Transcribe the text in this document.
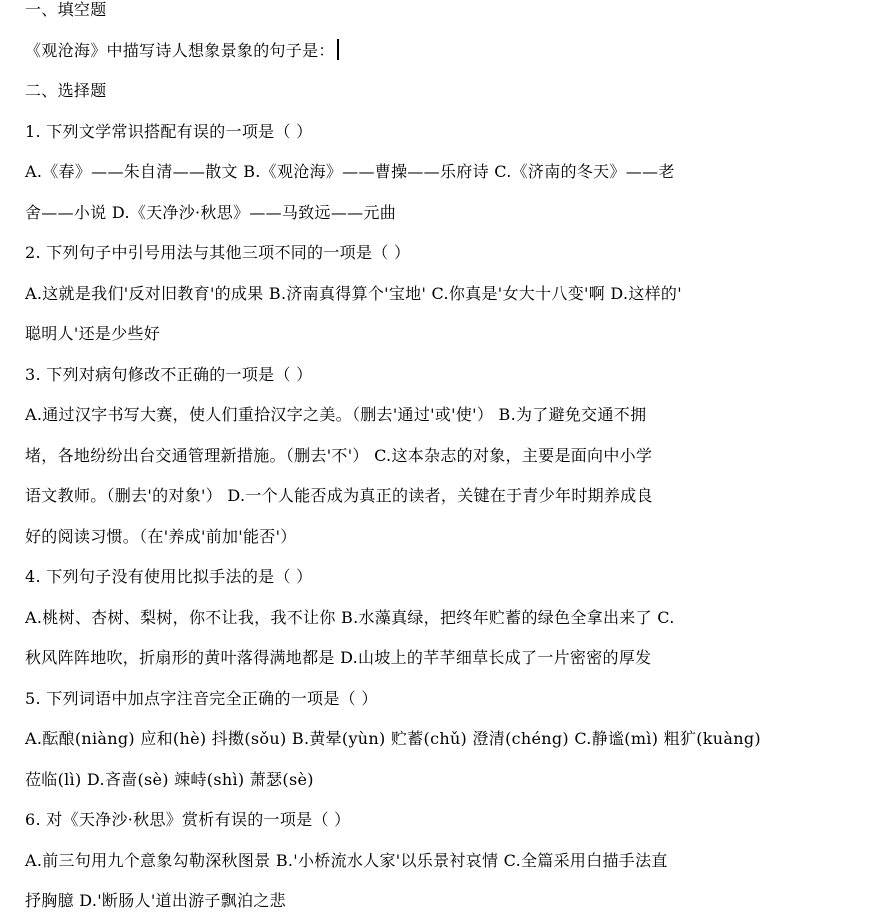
一、填空题
《观沧海》中描写诗人想象景象的句子是：
二、选择题
1. 下列文学常识搭配有误的一项是（ ）
A.《春》——朱自清——散文 B.《观沧海》——曹操——乐府诗 C.《济南的冬天》——老
舍——小说 D.《天净沙·秋思》——马致远——元曲
2. 下列句子中引号用法与其他三项不同的一项是（ ）
A.这就是我们'反对旧教育'的成果 B.济南真得算个'宝地' C.你真是'女大十八变'啊 D.这样的'
聪明人'还是少些好
3. 下列对病句修改不正确的一项是（ ）
A.通过汉字书写大赛，使人们重拾汉字之美。（删去'通过'或'使'） B.为了避免交通不拥
堵，各地纷纷出台交通管理新措施。（删去'不'） C.这本杂志的对象，主要是面向中小学
语文教师。（删去'的对象'） D.一个人能否成为真正的读者，关键在于青少年时期养成良
好的阅读习惯。（在'养成'前加'能否'）
4. 下列句子没有使用比拟手法的是（ ）
A.桃树、杏树、梨树，你不让我，我不让你 B.水藻真绿，把终年贮蓄的绿色全拿出来了 C.
秋风阵阵地吹，折扇形的黄叶落得满地都是 D.山坡上的芊芊细草长成了一片密密的厚发
5. 下列词语中加点字注音完全正确的一项是（ ）
A.酝酿(niàng) 应和(hè) 抖擞(sǒu) B.黄晕(yùn) 贮蓄(chǔ) 澄清(chéng) C.静谧(mì) 粗犷(kuàng)
莅临(lì) D.吝啬(sè) 竦峙(shì) 萧瑟(sè)
6. 对《天净沙·秋思》赏析有误的一项是（ ）
A.前三句用九个意象勾勒深秋图景 B.'小桥流水人家'以乐景衬哀情 C.全篇采用白描手法直
抒胸臆 D.'断肠人'道出游子飘泊之悲
